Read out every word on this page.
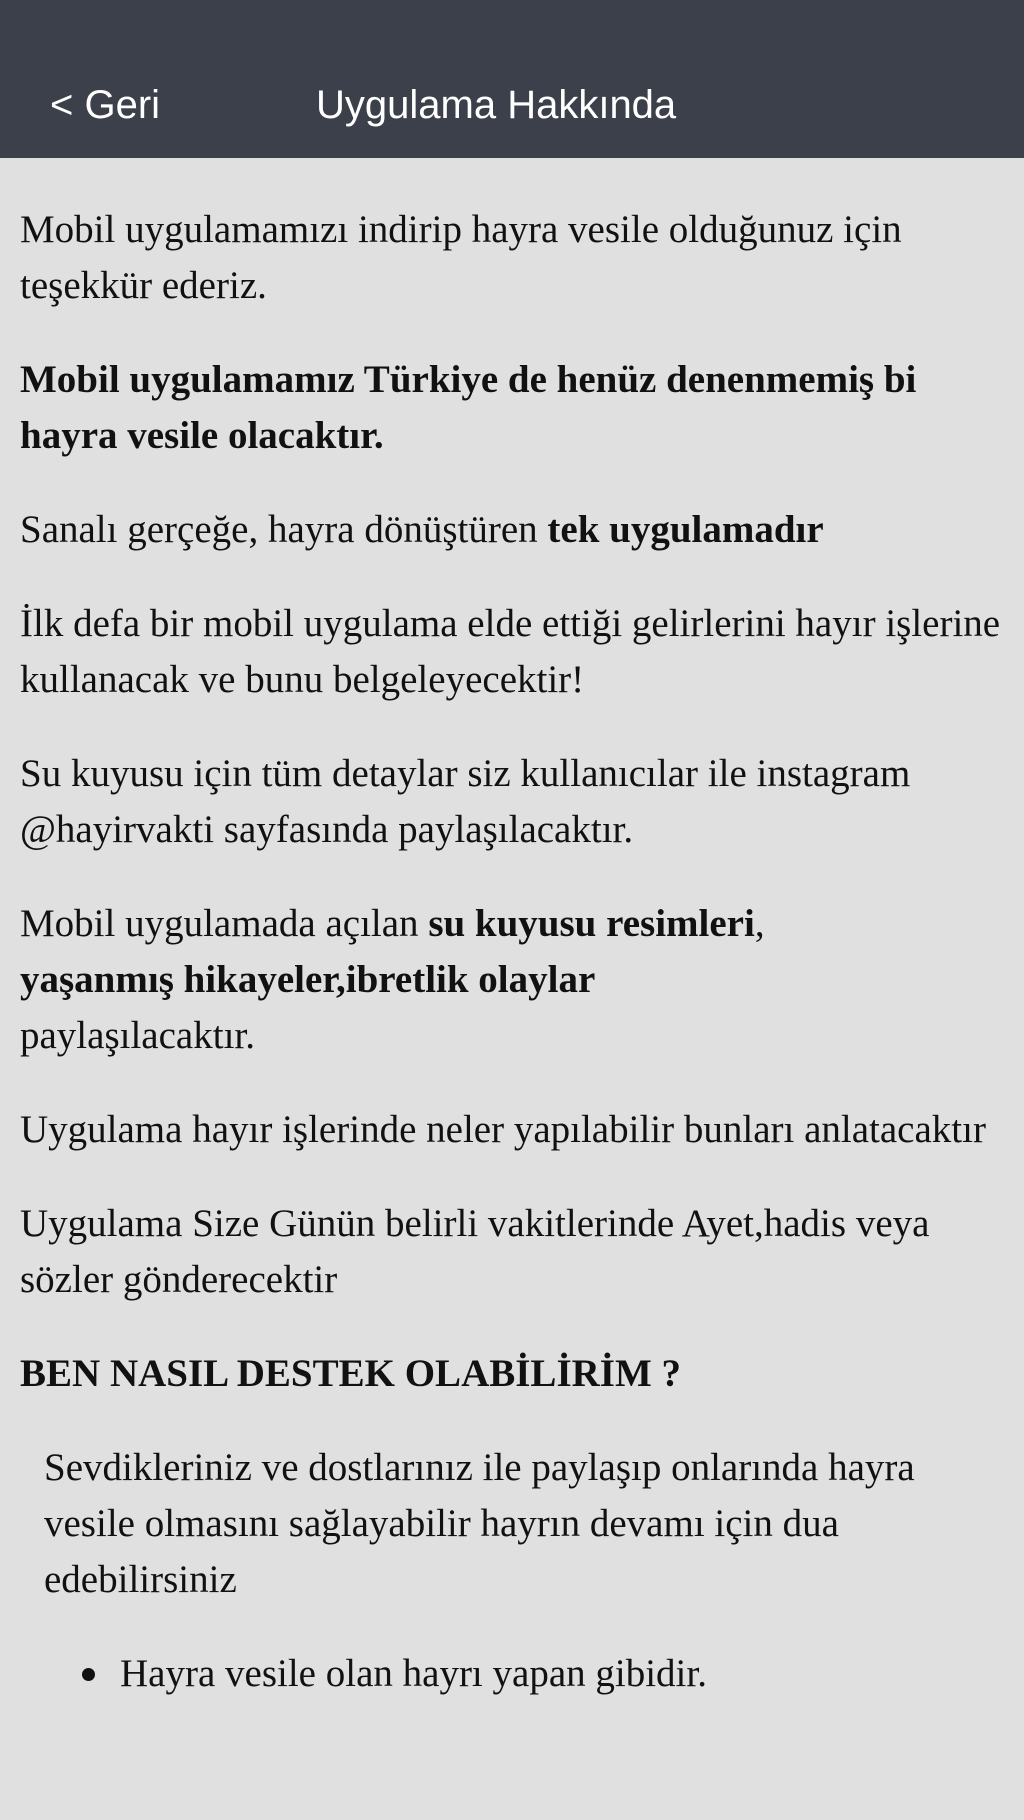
< Geri	Uygulama Hakkında

Mobil uygulamamızı indirip hayra vesile olduğunuz için teşekkür ederiz.

Mobil uygulamamız Türkiye de henüz denenmemiş bi hayra vesile olacaktır.

Sanalı gerçeğe, hayra dönüştüren tek uygulamadır

İlk defa bir mobil uygulama elde ettiği gelirlerini hayır işlerine kullanacak ve bunu belgeleyecektir!

Su kuyusu için tüm detaylar siz kullanıcılar ile instagram @hayirvakti sayfasında paylaşılacaktır.

Mobil uygulamada açılan su kuyusu resimleri,
yaşanmış hikayeler,ibretlik olaylar
paylaşılacaktır.

Uygulama hayır işlerinde neler yapılabilir bunları anlatacaktır

Uygulama Size Günün belirli vakitlerinde Ayet,hadis veya sözler gönderecektir

BEN NASIL DESTEK OLABİLİRİM ?

Sevdikleriniz ve dostlarınız ile paylaşıp onlarında hayra vesile olmasını sağlayabilir hayrın devamı için dua edebilirsiniz

Hayra vesile olan hayrı yapan gibidir.
